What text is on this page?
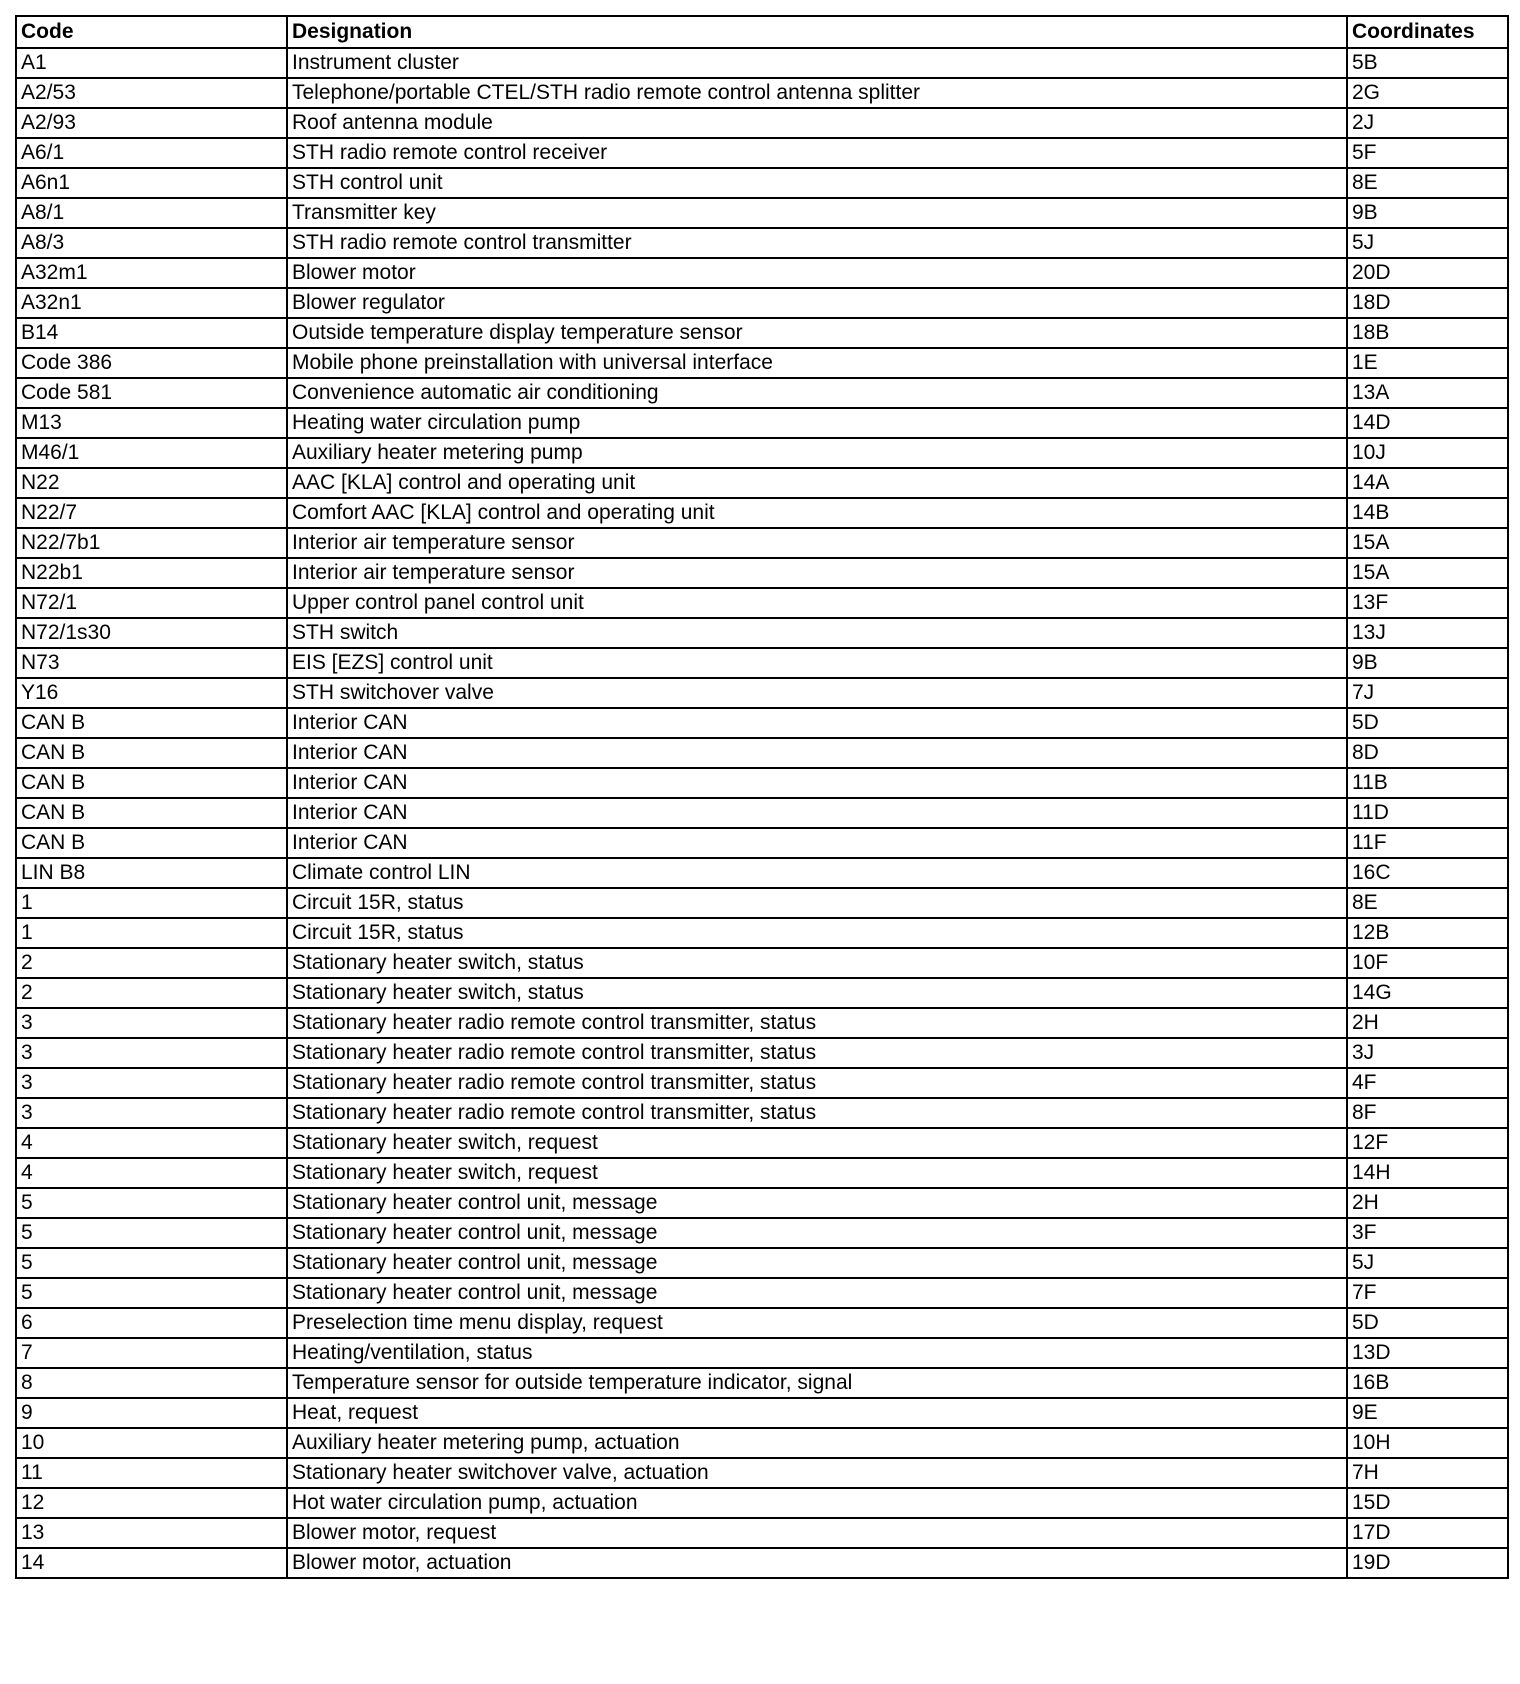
Code	Designation	Coordinates
A1	Instrument cluster	5B
A2/53	Telephone/portable CTEL/STH radio remote control antenna splitter	2G
A2/93	Roof antenna module	2J
A6/1	STH radio remote control receiver	5F
A6n1	STH control unit	8E
A8/1	Transmitter key	9B
A8/3	STH radio remote control transmitter	5J
A32m1	Blower motor	20D
A32n1	Blower regulator	18D
B14	Outside temperature display temperature sensor	18B
Code 386	Mobile phone preinstallation with universal interface	1E
Code 581	Convenience automatic air conditioning	13A
M13	Heating water circulation pump	14D
M46/1	Auxiliary heater metering pump	10J
N22	AAC [KLA] control and operating unit	14A
N22/7	Comfort AAC [KLA] control and operating unit	14B
N22/7b1	Interior air temperature sensor	15A
N22b1	Interior air temperature sensor	15A
N72/1	Upper control panel control unit	13F
N72/1s30	STH switch	13J
N73	EIS [EZS] control unit	9B
Y16	STH switchover valve	7J
CAN B	Interior CAN	5D
CAN B	Interior CAN	8D
CAN B	Interior CAN	11B
CAN B	Interior CAN	11D
CAN B	Interior CAN	11F
LIN B8	Climate control LIN	16C
1	Circuit 15R, status	8E
1	Circuit 15R, status	12B
2	Stationary heater switch, status	10F
2	Stationary heater switch, status	14G
3	Stationary heater radio remote control transmitter, status	2H
3	Stationary heater radio remote control transmitter, status	3J
3	Stationary heater radio remote control transmitter, status	4F
3	Stationary heater radio remote control transmitter, status	8F
4	Stationary heater switch, request	12F
4	Stationary heater switch, request	14H
5	Stationary heater control unit, message	2H
5	Stationary heater control unit, message	3F
5	Stationary heater control unit, message	5J
5	Stationary heater control unit, message	7F
6	Preselection time menu display, request	5D
7	Heating/ventilation, status	13D
8	Temperature sensor for outside temperature indicator, signal	16B
9	Heat, request	9E
10	Auxiliary heater metering pump, actuation	10H
11	Stationary heater switchover valve, actuation	7H
12	Hot water circulation pump, actuation	15D
13	Blower motor, request	17D
14	Blower motor, actuation	19D
